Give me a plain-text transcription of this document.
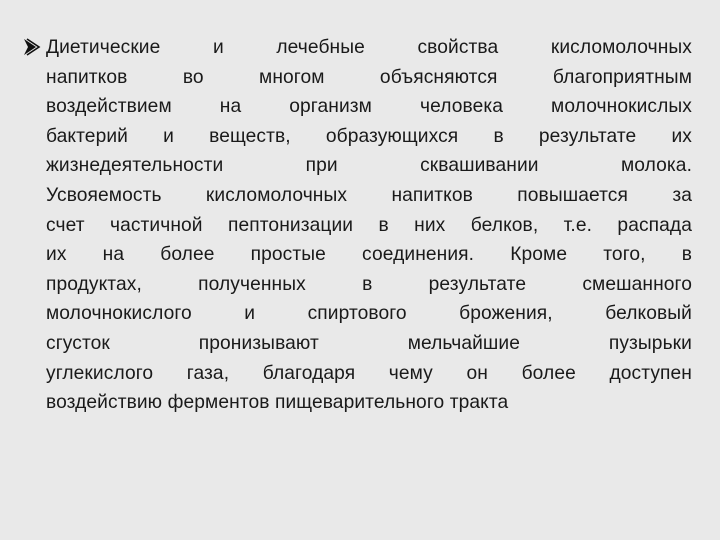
Диетические и лечебные свойства кисломолочных
напитков во многом объясняются благоприятным
воздействием на организм человека молочнокислых
бактерий и веществ, образующихся в результате их
жизнедеятельности при сквашивании молока.
Усвояемость кисломолочных напитков повышается за
счет частичной пептонизации в них белков, т.е. распада
их на более простые соединения. Кроме того, в
продуктах, полученных в результате смешанного
молочнокислого и спиртового брожения, белковый
сгусток пронизывают мельчайшие пузырьки
углекислого газа, благодаря чему он более доступен
воздействию ферментов пищеварительного тракта
